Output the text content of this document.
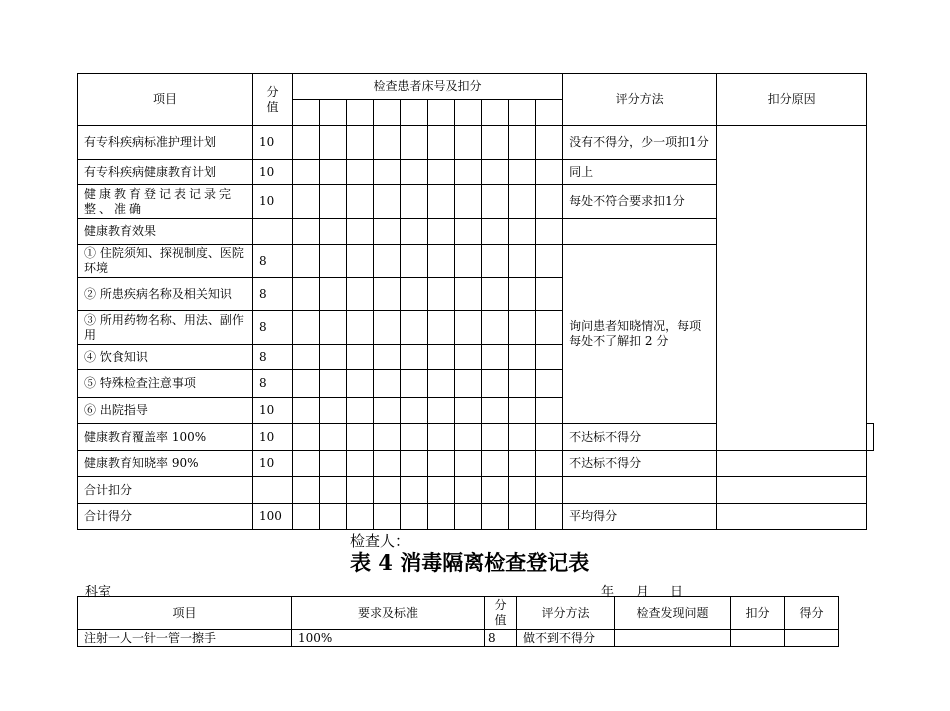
项目	分值	检查患者床号及扣分										评分方法	扣分原因	

有专科疾病标准护理计划	10											没有不得分，少一项扣1分		
有专科疾病健康教育计划	10											同上		
健康教育登记表记录完整、准确	10											每处不符合要求扣1分		
健康教育效果														
① 住院须知、探视制度、医院环境	8											询问患者知晓情况，每项每处不了解扣 2 分		
② 所患疾病名称及相关知识	8													
③ 所用药物名称、用法、副作用	8													
④ 饮食知识	8													
⑤ 特殊检查注意事项	8													
⑥ 出院指导	10													
健康教育覆盖率 100%	10											不达标不得分		
健康教育知晓率 90%	10											不达标不得分		
合计扣分														
合计得分	100											平均得分		
检查人：
表 4 消毒隔离检查登记表
科室	年 月 日
项目	要求及标准	分值	评分方法	检查发现问题	扣分	得分
注射一人一针一管一擦手	100%	8	做不到不得分			
